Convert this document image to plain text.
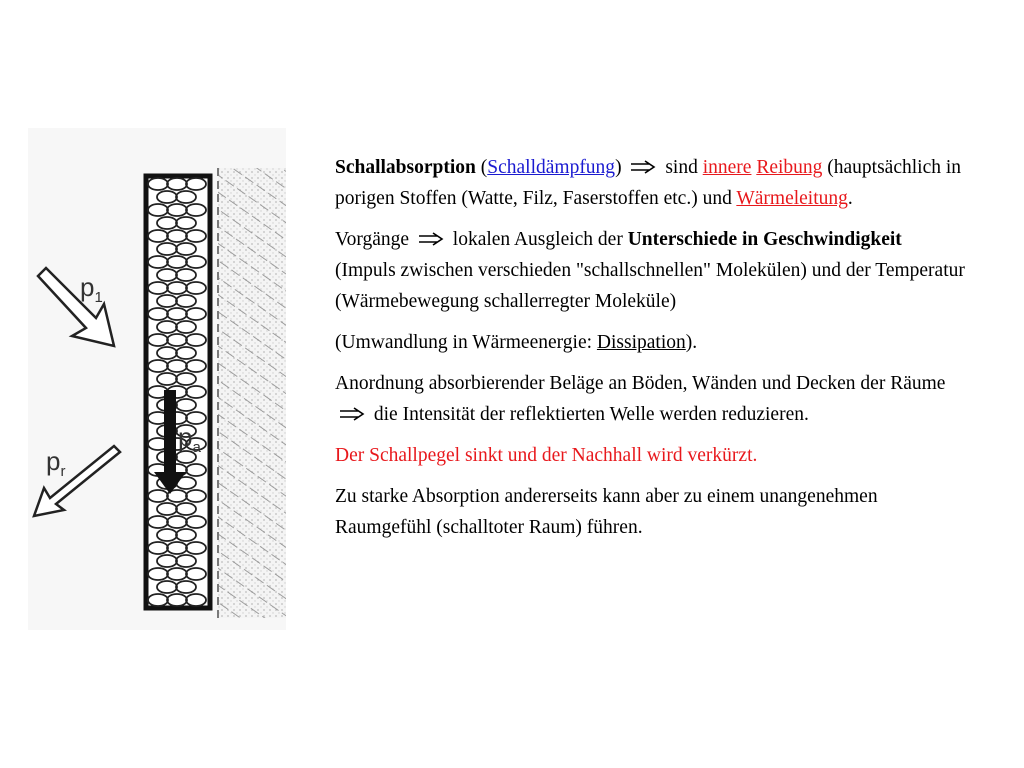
$p_1$
$p_r$
$p_a$

Schallabsorption (Schalldämpfung)  sind innere Reibung (hauptsächlich in porigen Stoffen (Watte, Filz, Faserstoffen etc.) und Wärmeleitung.

Vorgänge  lokalen Ausgleich der Unterschiede in Geschwindigkeit (Impuls zwischen verschieden "schallschnellen" Molekülen) und der Temperatur (Wärmebewegung schallerregter Moleküle)

(Umwandlung in Wärmeenergie: Dissipation).

Anordnung absorbierender Beläge an Böden, Wänden und Decken der Räume  die Intensität der reflektierten Welle werden reduzieren.

Der Schallpegel sinkt und der Nachhall wird verkürzt.

Zu starke Absorption andererseits kann aber zu einem unangenehmen Raumgefühl (schalltoter Raum) führen.
